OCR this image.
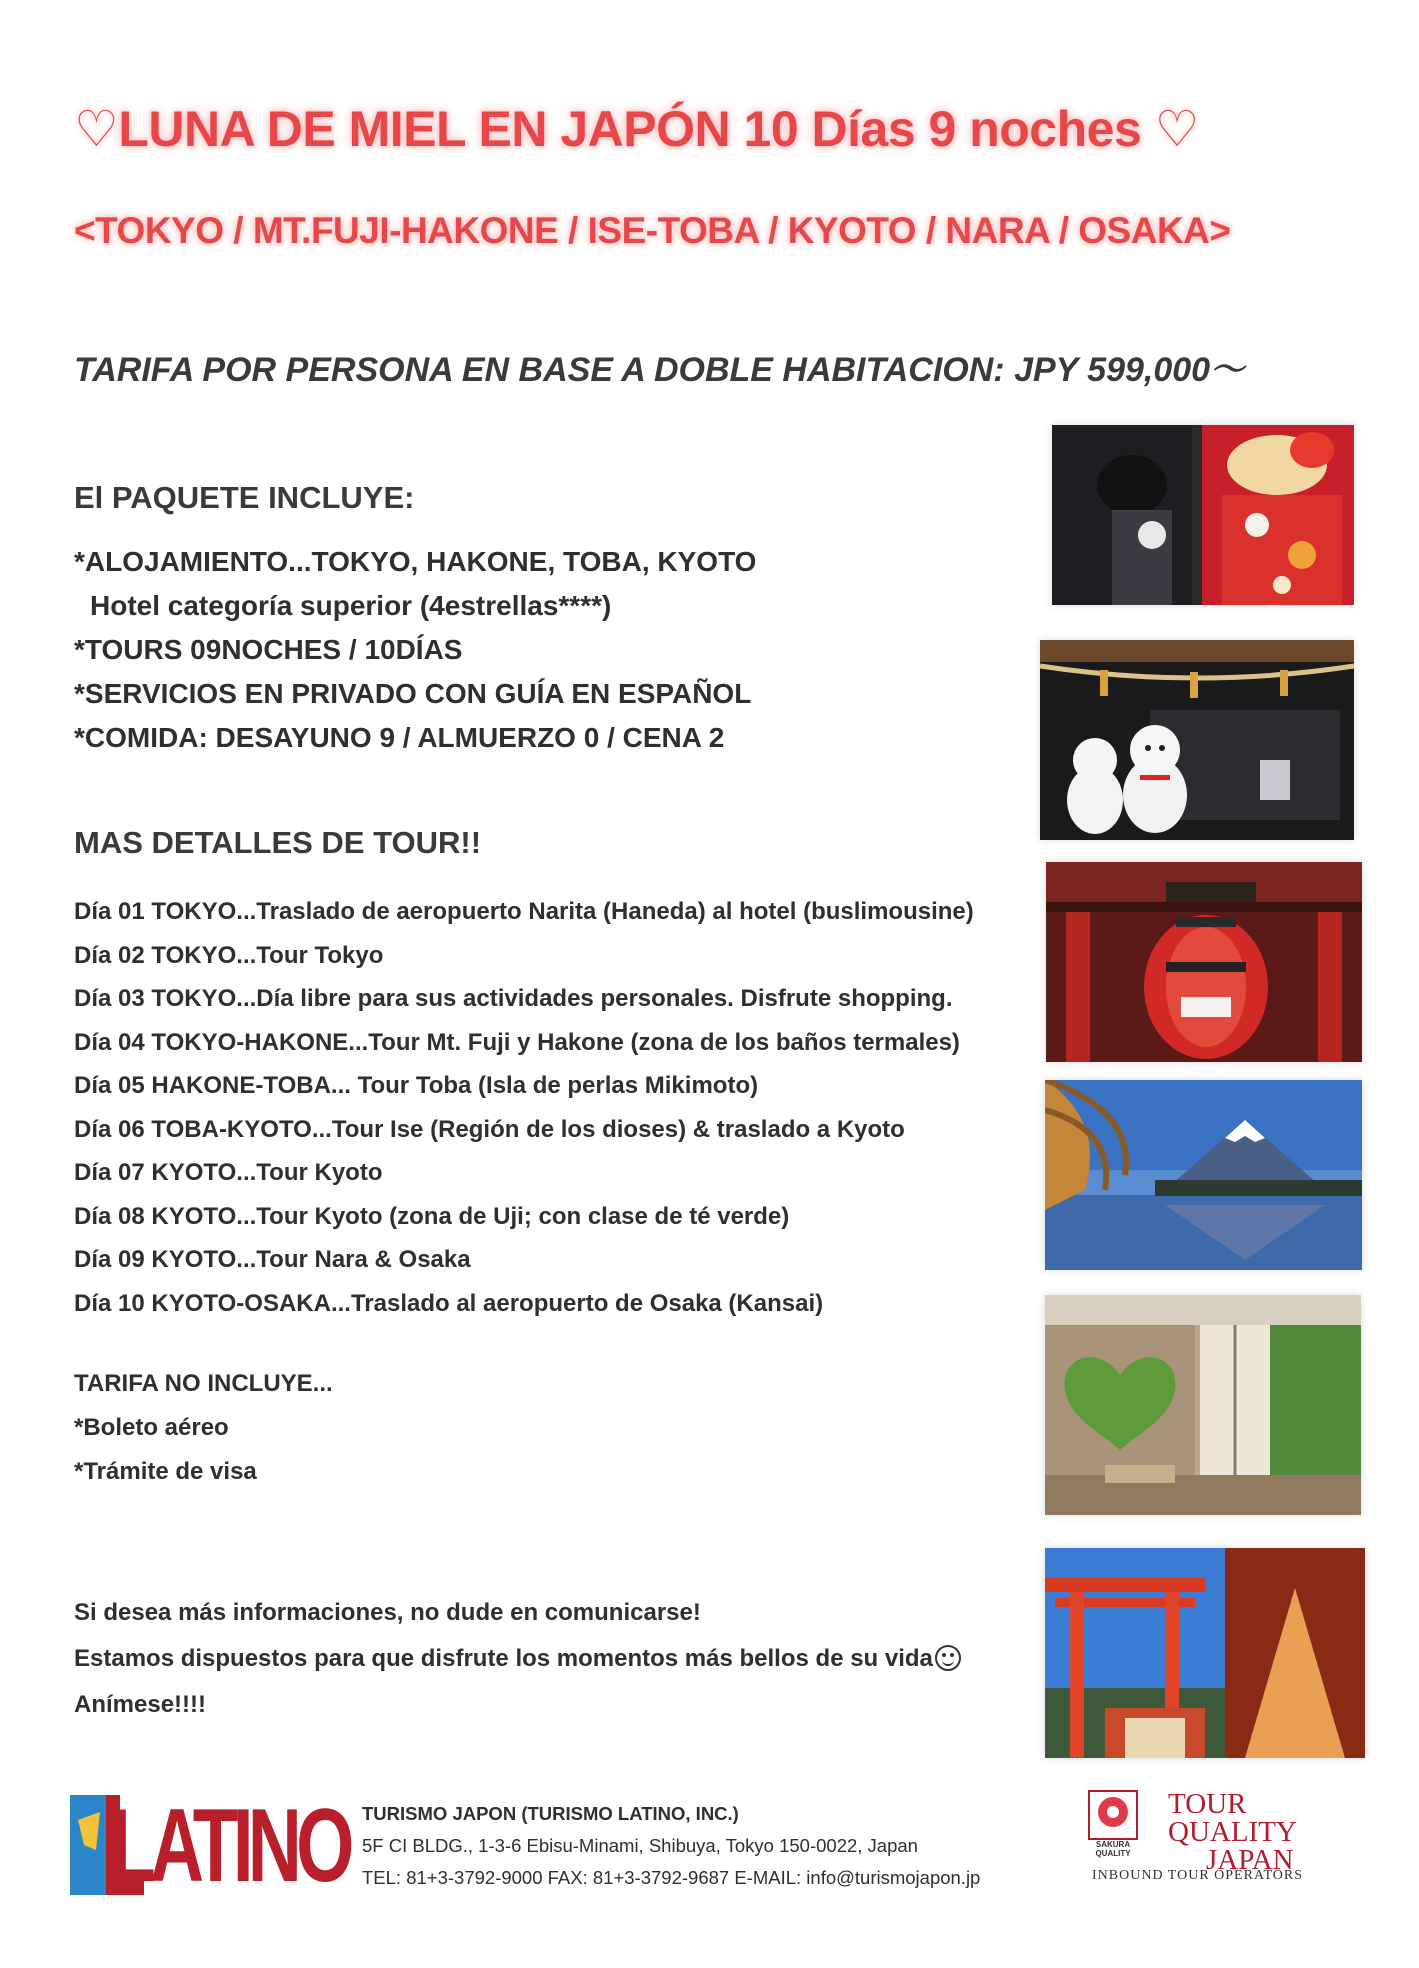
♡LUNA DE MIEL EN JAPÓN 10 Días 9 noches ♡
<TOKYO / MT.FUJI-HAKONE / ISE-TOBA / KYOTO / NARA / OSAKA>
TARIFA POR PERSONA EN BASE A DOBLE HABITACION: JPY 599,000〜
El PAQUETE INCLUYE:
*ALOJAMIENTO...TOKYO, HAKONE, TOBA, KYOTO
Hotel categoría superior (4estrellas****)
*TOURS 09NOCHES / 10DÍAS
*SERVICIOS EN PRIVADO CON GUÍA EN ESPAÑOL
*COMIDA: DESAYUNO 9 / ALMUERZO 0 / CENA 2
MAS DETALLES DE TOUR!!
Día 01 TOKYO...Traslado de aeropuerto Narita (Haneda) al hotel (buslimousine)
Día 02 TOKYO...Tour Tokyo
Día 03 TOKYO...Día libre para sus actividades personales. Disfrute shopping.
Día 04 TOKYO-HAKONE...Tour Mt. Fuji y Hakone (zona de los baños termales)
Día 05 HAKONE-TOBA... Tour Toba (Isla de perlas Mikimoto)
Día 06 TOBA-KYOTO...Tour Ise (Región de los dioses) & traslado a Kyoto
Día 07 KYOTO...Tour Kyoto
Día 08 KYOTO...Tour Kyoto (zona de Uji; con clase de té verde)
Día 09 KYOTO...Tour Nara & Osaka
Día 10 KYOTO-OSAKA...Traslado al aeropuerto de Osaka (Kansai)
TARIFA NO INCLUYE...
*Boleto aéreo
*Trámite de visa
Si desea más informaciones, no dude en comunicarse!
Estamos dispuestos para que disfrute los momentos más bellos de su vida
Anímese!!!!
LATINO TURISMO JAPON (TURISMO LATINO, INC.)
5F CI BLDG., 1-3-6 Ebisu-Minami, Shibuya, Tokyo 150-0022, Japan
TEL: 81+3-3792-9000 FAX: 81+3-3792-9687 E-MAIL: info@turismojapon.jp
SAKURA QUALITY
TOUR
QUALITY
JAPAN
INBOUND TOUR OPERATORS
